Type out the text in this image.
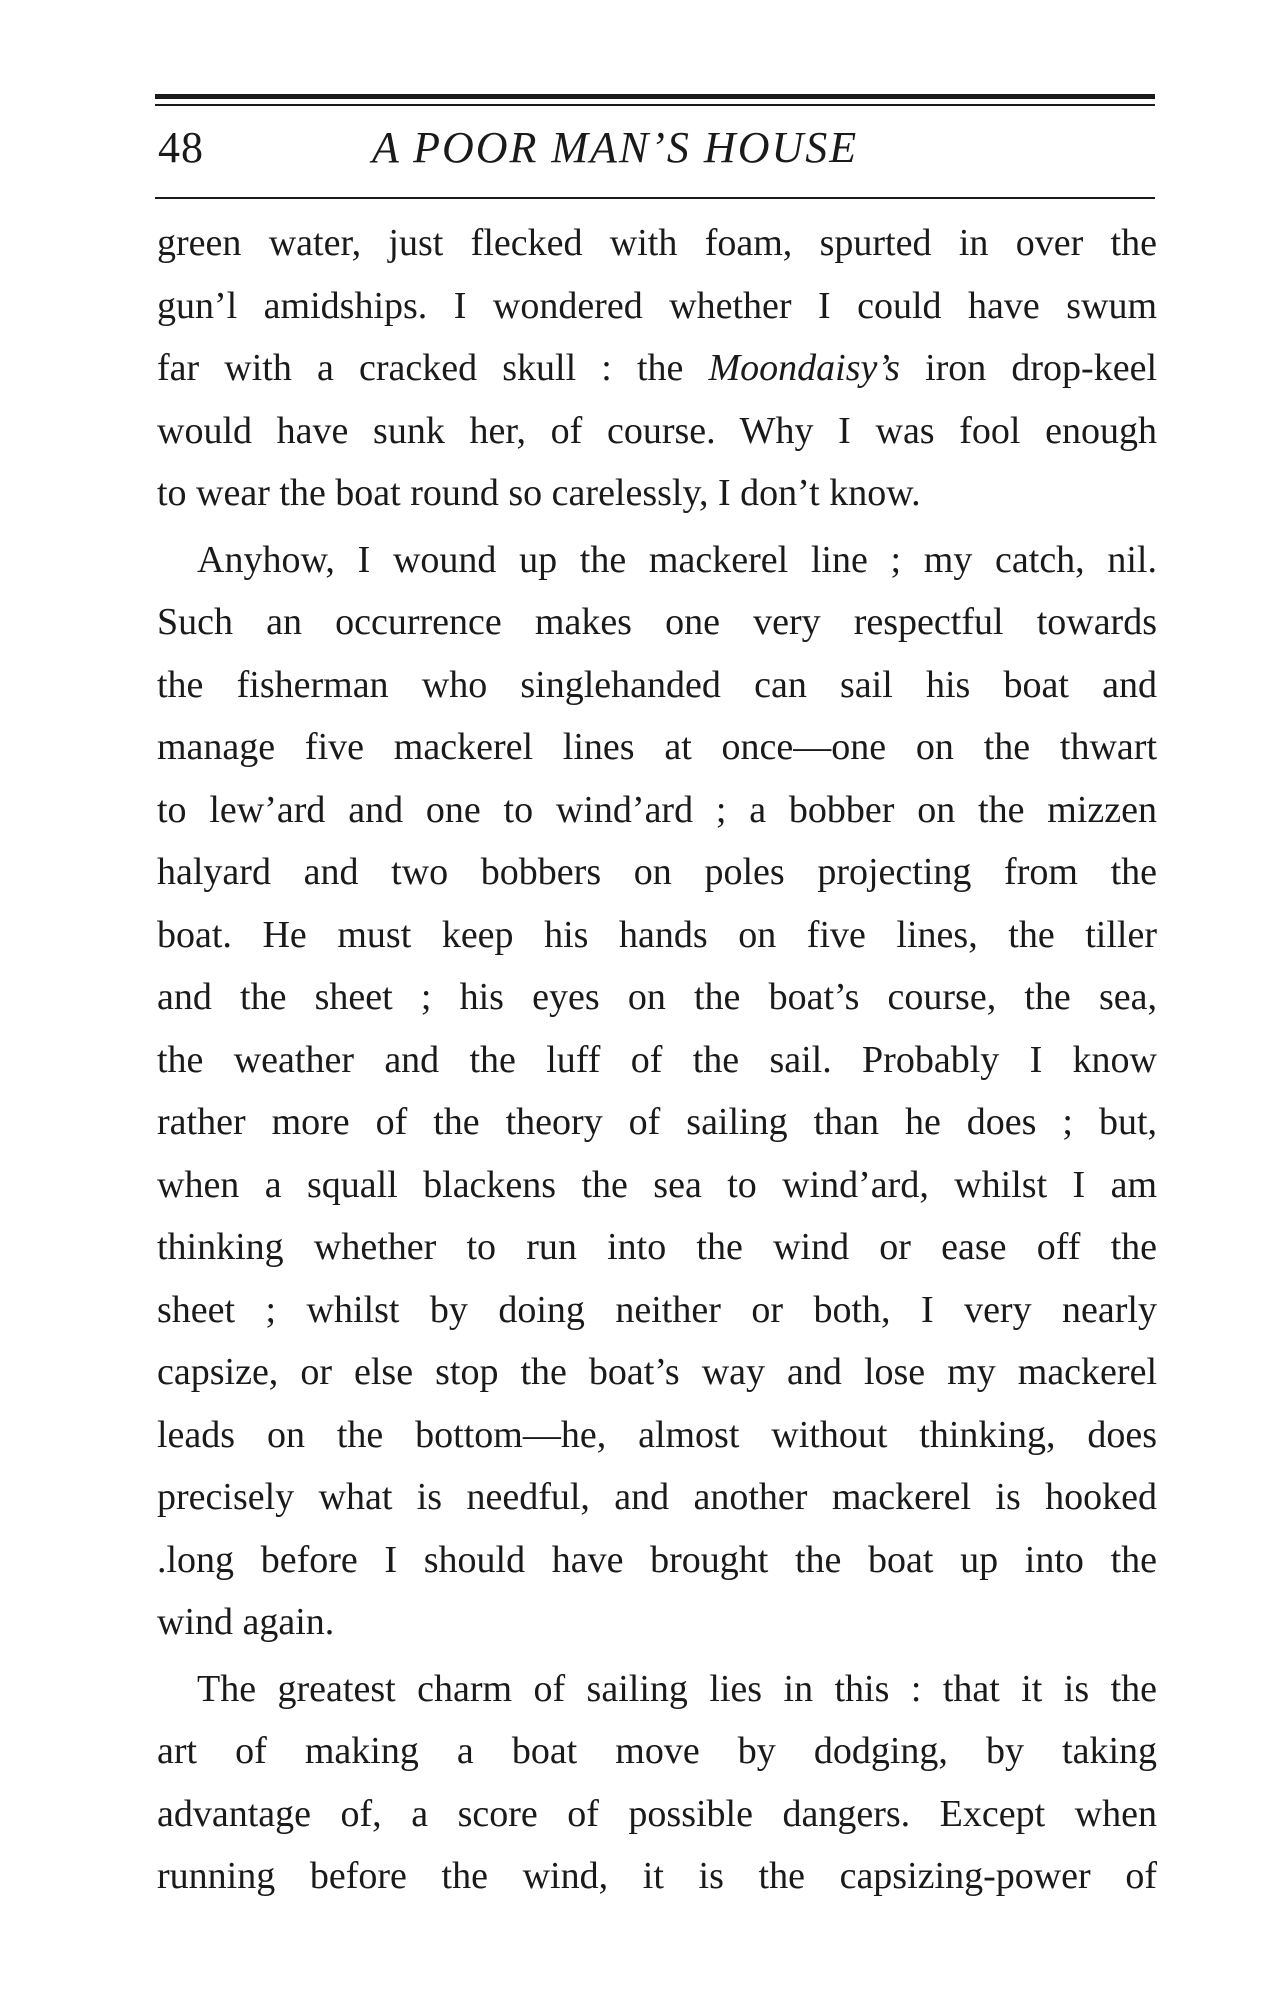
48	A POOR MAN’S HOUSE
green water, just flecked with foam, spurted in over the
gun’l amidships. I wondered whether I could have swum
far with a cracked skull : the Moondaisy’s iron drop-keel
would have sunk her, of course. Why I was fool enough
to wear the boat round so carelessly, I don’t know.
Anyhow, I wound up the mackerel line ; my catch, nil.
Such an occurrence makes one very respectful towards
the fisherman who singlehanded can sail his boat and
manage five mackerel lines at once—one on the thwart
to lew’ard and one to wind’ard ; a bobber on the mizzen
halyard and two bobbers on poles projecting from the
boat. He must keep his hands on five lines, the tiller
and the sheet ; his eyes on the boat’s course, the sea,
the weather and the luff of the sail. Probably I know
rather more of the theory of sailing than he does ; but,
when a squall blackens the sea to wind’ard, whilst I am
thinking whether to run into the wind or ease off the
sheet ; whilst by doing neither or both, I very nearly
capsize, or else stop the boat’s way and lose my mackerel
leads on the bottom—he, almost without thinking, does
precisely what is needful, and another mackerel is hooked
.long before I should have brought the boat up into the
wind again.
The greatest charm of sailing lies in this : that it is the
art of making a boat move by dodging, by taking
advantage of, a score of possible dangers. Except when
running before the wind, it is the capsizing-power of
